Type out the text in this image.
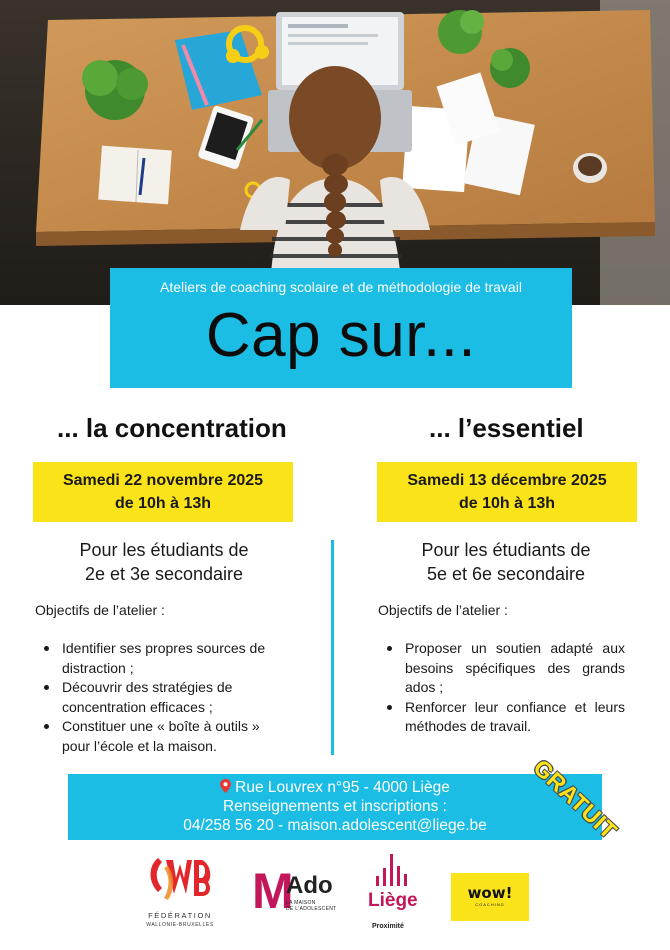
Ateliers de coaching scolaire et de méthodologie de travail
Cap sur...
... la concentration
Samedi 22 novembre 2025
de 10h à 13h
Pour les étudiants de
2e et 3e secondaire
Objectifs de l’atelier :
Identifier ses propres sources de distraction ;
Découvrir des stratégies de concentration efficaces ;
Constituer une « boîte à outils » pour l’école et la maison.
... l’essentiel
Samedi 13 décembre 2025
de 10h à 13h
Pour les étudiants de
5e et 6e secondaire
Objectifs de l’atelier :
Proposer un soutien adapté aux besoins spécifiques des grands ados ;
Renforcer leur confiance et leurs méthodes de travail.
Rue Louvrex n°95 - 4000 Liège
Renseignements et inscriptions :
04/258 56 20 - maison.adolescent@liege.be	GRATUIT
FÉDÉRATION
WALLONIE-BRUXELLES
M
Ado
LA MAISON
DE L'ADOLESCENT Liège
Proximité
wow!
COACHING
